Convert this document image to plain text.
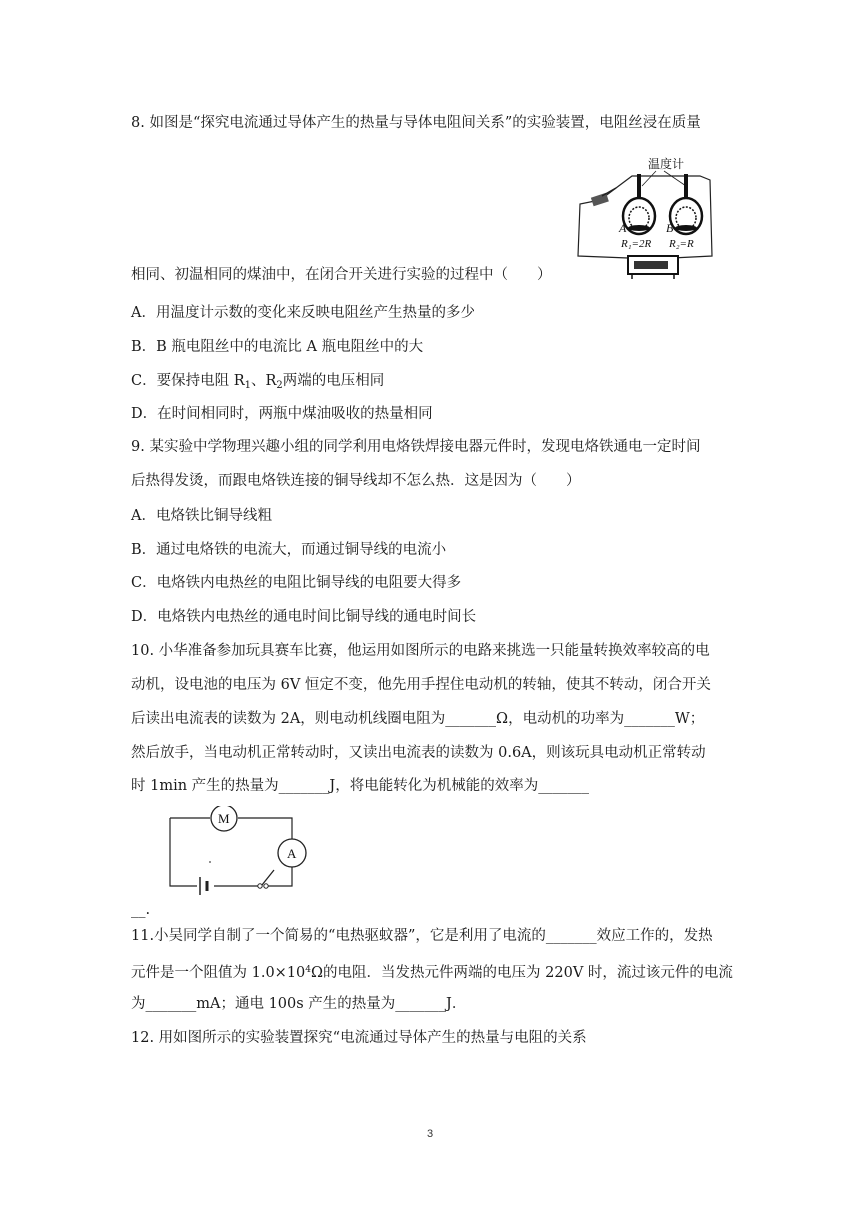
8. 如图是“探究电流通过导体产生的热量与导体电阻间关系”的实验装置，电阻丝浸在质量
温度计
A	B
R₁=2R R₂=R
相同、初温相同的煤油中，在闭合开关进行实验的过程中（　　）
A．用温度计示数的变化来反映电阻丝产生热量的多少
B．B 瓶电阻丝中的电流比 A 瓶电阻丝中的大
C．要保持电阻 $R_1$、$R_2$两端的电压相同
D．在时间相同时，两瓶中煤油吸收的热量相同
9. 某实验中学物理兴趣小组的同学利用电烙铁焊接电器元件时，发现电烙铁通电一定时间
后热得发烫，而跟电烙铁连接的铜导线却不怎么热．这是因为（　　）
A．电烙铁比铜导线粗
B．通过电烙铁的电流大，而通过铜导线的电流小
C．电烙铁内电热丝的电阻比铜导线的电阻要大得多
D．电烙铁内电热丝的通电时间比铜导线的通电时间长
10. 小华准备参加玩具赛车比赛，他运用如图所示的电路来挑选一只能量转换效率较高的电
动机，设电池的电压为 6V 恒定不变，他先用手捏住电动机的转轴，使其不转动，闭合开关
后读出电流表的读数为 2A，则电动机线圈电阻为_______Ω，电动机的功率为_______W；
然后放手，当电动机正常转动时，又读出电流表的读数为 0.6A，则该玩具电动机正常转动
时 1min 产生的热量为_______J，将电能转化为机械能的效率为_______
M
A
__.
11.小吴同学自制了一个简易的“电热驱蚊器”，它是利用了电流的_______效应工作的，发热
元件是一个阻值为 $1.0\times 10^4\Omega$的电阻．当发热元件两端的电压为 220V 时，流过该元件的电流
为_______mA；通电 100s 产生的热量为_______J．
12. 用如图所示的实验装置探究“电流通过导体产生的热量与电阻的关系
3
